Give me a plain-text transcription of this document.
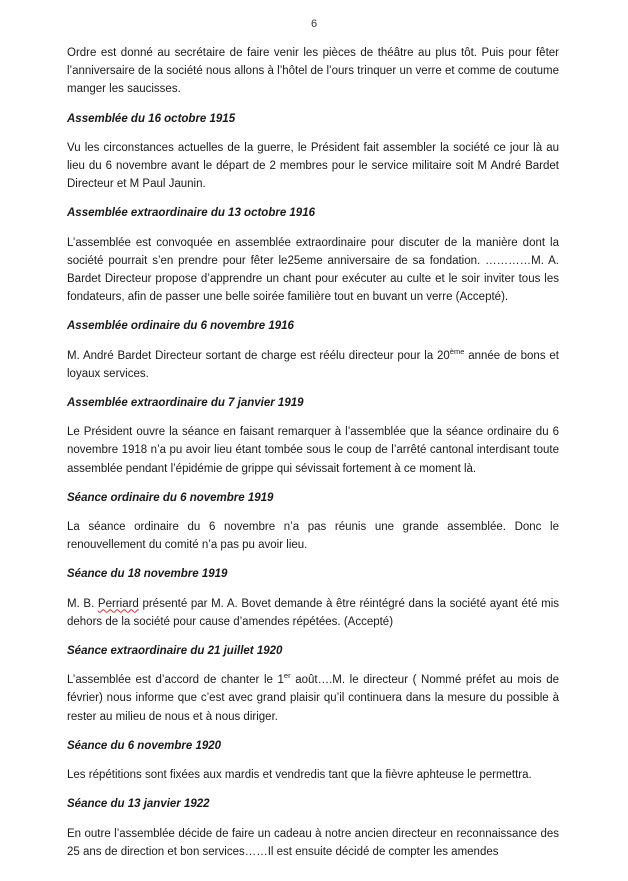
6

Ordre est donné au secrétaire de faire venir les pièces de théâtre au plus tôt. Puis pour fêter l’anniversaire de la société nous allons à l’hôtel de l’ours trinquer un verre et comme de coutume manger les saucisses.

Assemblée du 16 octobre 1915

Vu les circonstances actuelles de la guerre, le Président fait assembler la société ce jour là au lieu du 6 novembre avant le départ de 2 membres pour le service militaire soit M André Bardet Directeur et M Paul Jaunin.

Assemblée extraordinaire du 13 octobre 1916

L’assemblée est convoquée en assemblée extraordinaire pour discuter de la manière dont la société pourrait s’en prendre pour fêter le25eme anniversaire de sa fondation. …………M. A. Bardet Directeur propose d’apprendre un chant pour exécuter au culte et le soir inviter tous les fondateurs, afin de passer une belle soirée familière tout en buvant un verre (Accepté).

Assemblée ordinaire du 6 novembre 1916

M. André Bardet Directeur sortant de charge est réélu directeur pour la 20ème année de bons et loyaux services.

Assemblée extraordinaire du 7 janvier 1919

Le Président ouvre la séance en faisant remarquer à l’assemblée que la séance ordinaire du 6 novembre 1918 n’a pu avoir lieu étant tombée sous le coup de l’arrêté cantonal interdisant toute assemblée pendant l’épidémie de grippe qui sévissait fortement à ce moment là.

Séance ordinaire du 6 novembre 1919

La séance ordinaire du 6 novembre n’a pas réunis une grande assemblée. Donc le renouvellement du comité n’a pas pu avoir lieu.

Séance du 18 novembre 1919

M. B. Perriard présenté par M. A. Bovet demande à être réintégré dans la société ayant été mis dehors de la société pour cause d’amendes répétées. (Accepté)

Séance extraordinaire du 21 juillet 1920

L’assemblée est d’accord de chanter le 1er août….M. le directeur ( Nommé préfet au mois de février) nous informe que c’est avec grand plaisir qu’il continuera dans la mesure du possible à rester au milieu de nous et à nous diriger.

Séance du 6 novembre 1920

Les répétitions sont fixées aux mardis et vendredis tant que la fièvre aphteuse le permettra.

Séance du 13 janvier 1922

En outre l’assemblée décide de faire un cadeau à notre ancien directeur en reconnaissance des 25 ans de direction et bon services……Il est ensuite décidé de compter les amendes
